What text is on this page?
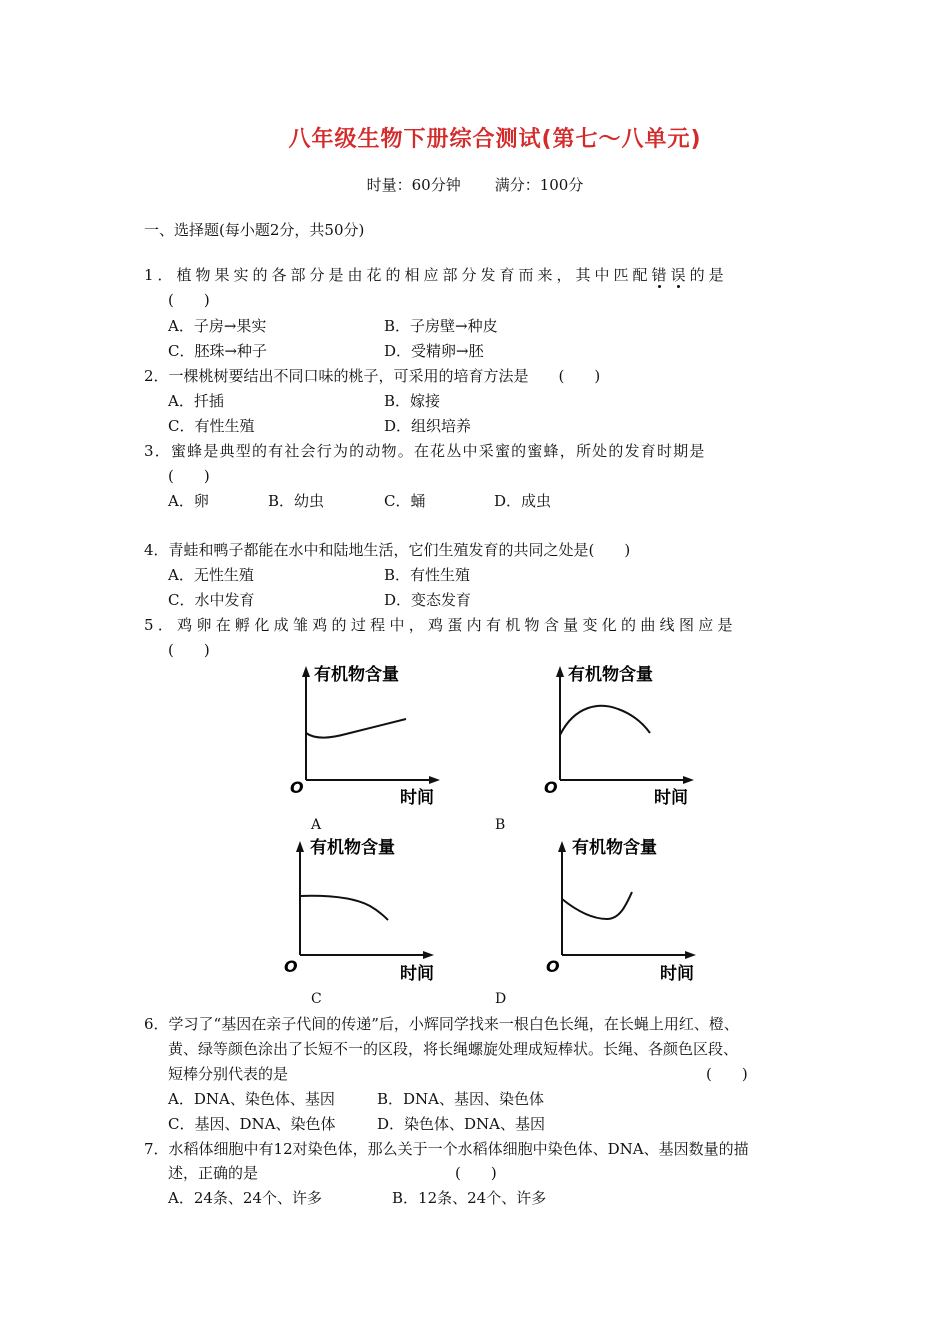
八年级生物下册综合测试(第七～八单元)
时量：60分钟 满分：100分
一、选择题(每小题2分，共50分)
1．植物果实的各部分是由花的相应部分发育而来，其中匹配错误的是
(　　)
A．子房→果实	B．子房壁→种皮
C．胚珠→种子	D．受精卵→胚
2．一棵桃树要结出不同口味的桃子，可采用的培育方法是　　(　　)
A．扦插	B．嫁接
C．有性生殖	D．组织培养
3．蜜蜂是典型的有社会行为的动物。在花丛中采蜜的蜜蜂，所处的发育时期是
(　　)
A．卵	B．幼虫	C．蛹	D．成虫
4．青蛙和鸭子都能在水中和陆地生活，它们生殖发育的共同之处是(　　)
A．无性生殖	B．有性生殖
C．水中发育	D．变态发育
5．鸡卵在孵化成雏鸡的过程中，鸡蛋内有机物含量变化的曲线图应是
(　　)
有机物含量
时间
O
A
有机物含量
时间
O
B
有机物含量
时间
O
C
有机物含量
时间
O
D
6．学习了“基因在亲子代间的传递”后，小辉同学找来一根白色长绳，在长蝇上用红、橙、
黄、绿等颜色涂出了长短不一的区段，将长绳螺旋处理成短棒状。长绳、各颜色区段、
短棒分别代表的是	(　　)
A．DNA、染色体、基因	B．DNA、基因、染色体
C．基因、DNA、染色体	D．染色体、DNA、基因
7．水稻体细胞中有12对染色体，那么关于一个水稻体细胞中染色体、DNA、基因数量的描
述，正确的是	(　　)
A．24条、24个、许多	B．12条、24个、许多
